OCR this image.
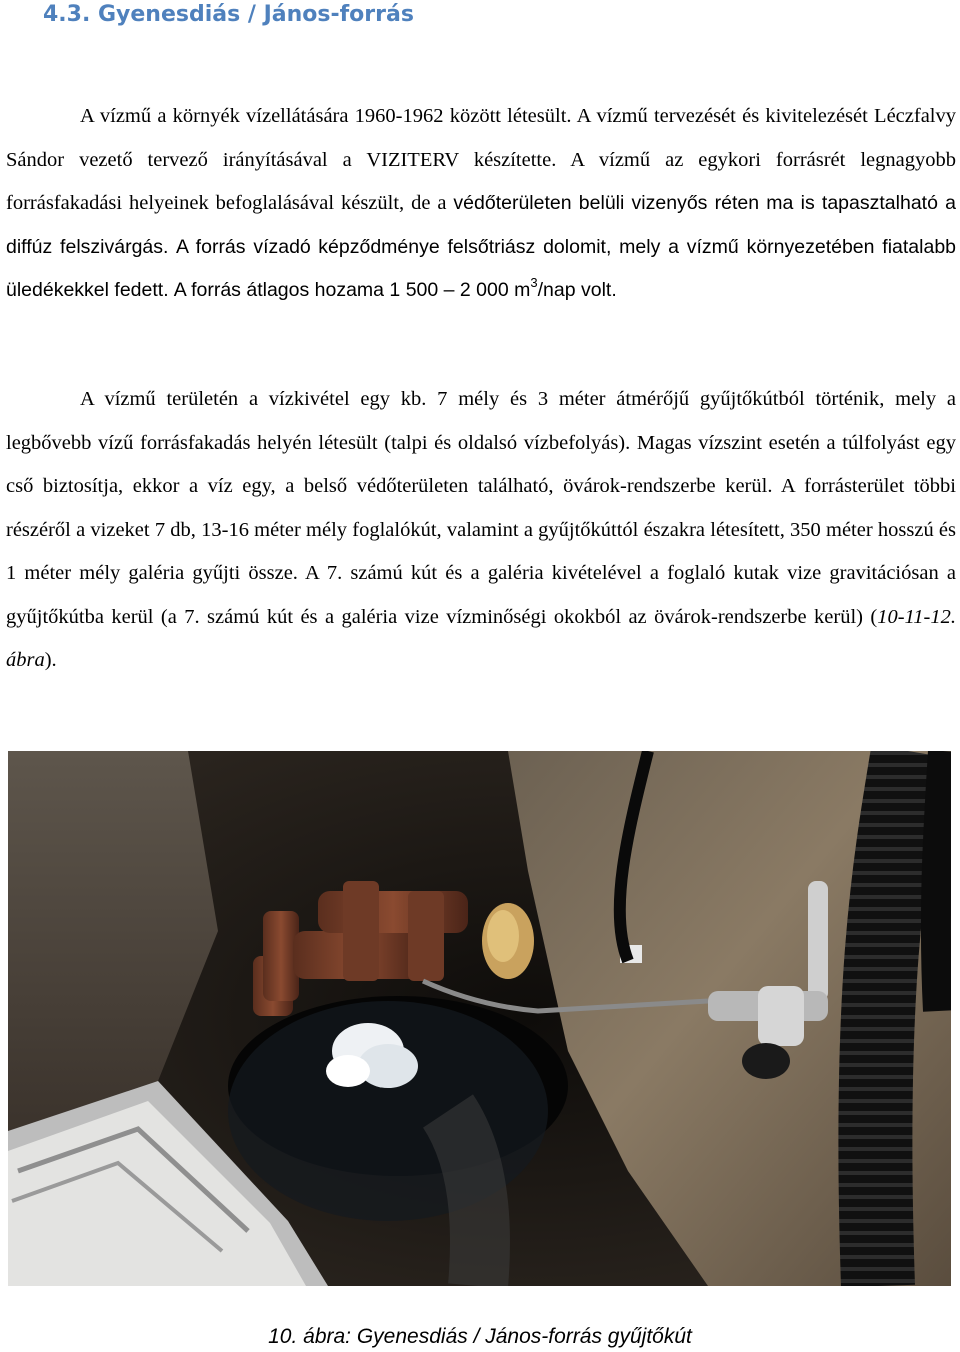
4.3. Gyenesdiás / János-forrás

A vízmű a környék vízellátására 1960-1962 között létesült. A vízmű tervezését és kivitelezését Léczfalvy Sándor vezető tervező irányításával a VIZITERV készítette. A vízmű az egykori forrásrét legnagyobb forrásfakadási helyeinek befoglalásával készült, de a védőterületen belüli vizenyős réten ma is tapasztalható a diffúz felszivárgás. A forrás vízadó képződménye felsőtriász dolomit, mely a vízmű környezetében fiatalabb üledékekkel fedett. A forrás átlagos hozama 1 500 – 2 000 $m^3$/nap volt.

A vízmű területén a vízkivétel egy kb. 7 mély és 3 méter átmérőjű gyűjtőkútból történik, mely a legbővebb vízű forrásfakadás helyén létesült (talpi és oldalsó vízbefolyás). Magas vízszint esetén a túlfolyást egy cső biztosítja, ekkor a víz egy, a belső védőterületen található, övárok-rendszerbe kerül. A forrásterület többi részéről a vizeket 7 db, 13-16 méter mély foglalókút, valamint a gyűjtőkúttól északra létesített, 350 méter hosszú és 1 méter mély galéria gyűjti össze. A 7. számú kút és a galéria kivételével a foglaló kutak vize gravitációsan a gyűjtőkútba kerül (a 7. számú kút és a galéria vize vízminőségi okokból az övárok-rendszerbe kerül) (10-11-12. ábra).

10. ábra: Gyenesdiás / János-forrás gyűjtőkút
